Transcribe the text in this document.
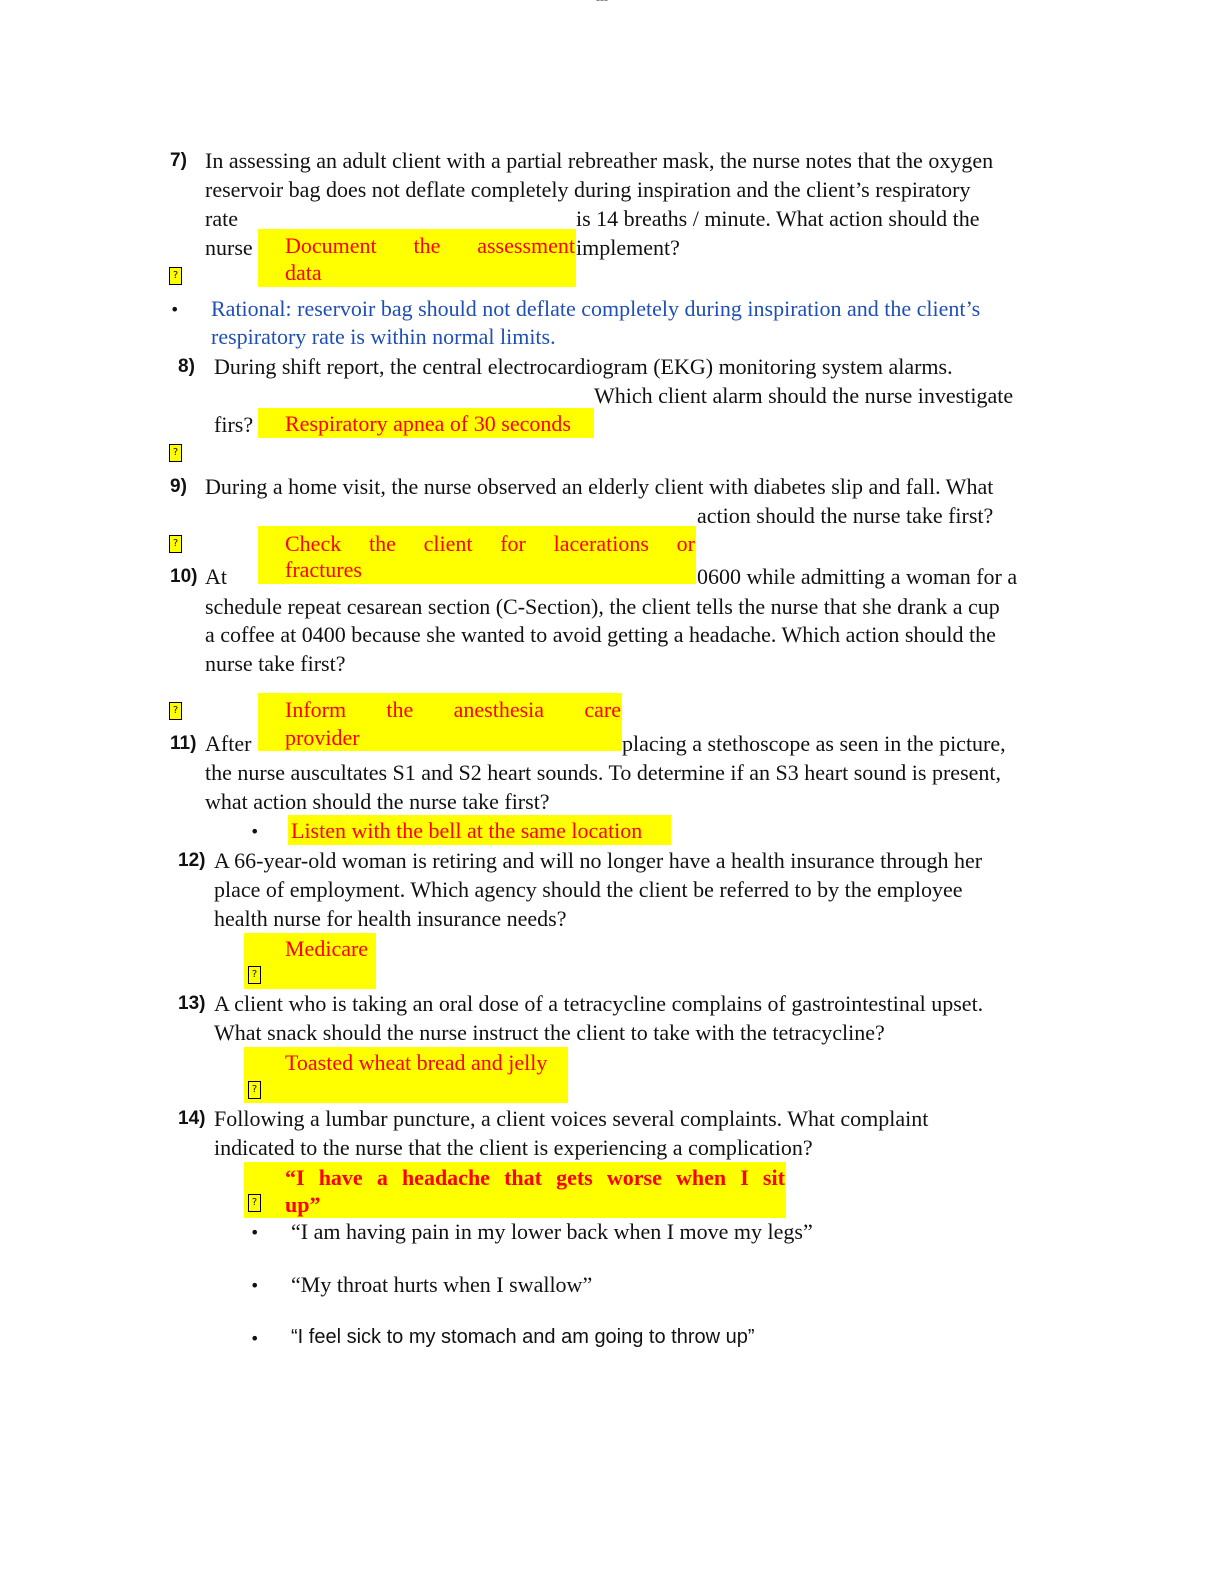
7) In assessing an adult client with a partial rebreather mask, the nurse notes that the oxygen
reservoir bag does not deflate completely during inspiration and the client’s respiratory
rate	is 14 breaths / minute. What action should the
nurse	implement?
Document the assessment
data
?
• Rational: reservoir bag should not deflate completely during inspiration and the client’s
respiratory rate is within normal limits.
8) During shift report, the central electrocardiogram (EKG) monitoring system alarms.
Which client alarm should the nurse investigate
firs? Respiratory apnea of 30 seconds
?
9) During a home visit, the nurse observed an elderly client with diabetes slip and fall. What
action should the nurse take first?
?	Check the client for lacerations or
fractures
10) At	0600 while admitting a woman for a
schedule repeat cesarean section (C-Section), the client tells the nurse that she drank a cup
a coffee at 0400 because she wanted to avoid getting a headache. Which action should the
nurse take first?
?	Inform the anesthesia care
provider
11) After	placing a stethoscope as seen in the picture,
the nurse auscultates S1 and S2 heart sounds. To determine if an S3 heart sound is present,
what action should the nurse take first?
• Listen with the bell at the same location
12) A 66-year-old woman is retiring and will no longer have a health insurance through her
place of employment. Which agency should the client be referred to by the employee
health nurse for health insurance needs?
Medicare
?
13) A client who is taking an oral dose of a tetracycline complains of gastrointestinal upset.
What snack should the nurse instruct the client to take with the tetracycline?
Toasted wheat bread and jelly
?
14) Following a lumbar puncture, a client voices several complaints. What complaint
indicated to the nurse that the client is experiencing a complication?
“I have a headache that gets worse when I sit
up”
?
• “I am having pain in my lower back when I move my legs”
• “My throat hurts when I swallow”
• “I feel sick to my stomach and am going to throw up”
